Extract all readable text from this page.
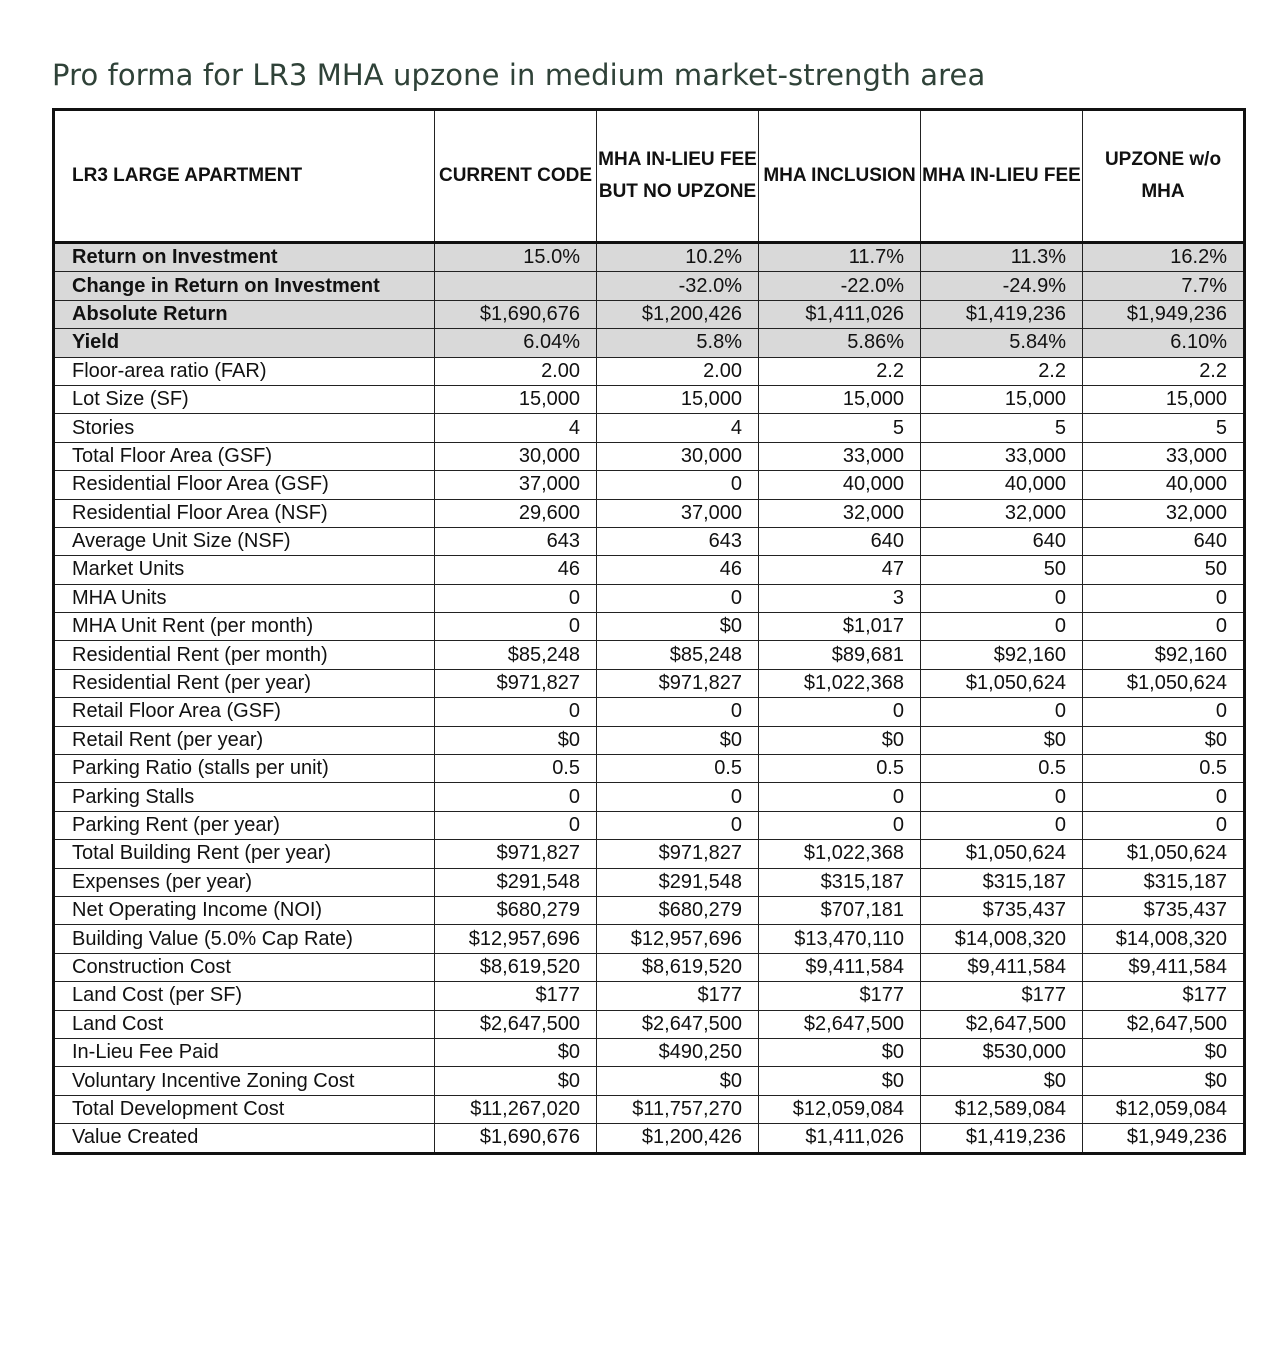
Pro forma for LR3 MHA upzone in medium market-strength area
LR3 LARGE APARTMENT	CURRENT CODE	MHA IN-LIEU FEE BUT NO UPZONE	MHA INCLUSION	MHA IN-LIEU FEE	UPZONE w/o MHA
Return on Investment	15.0%	10.2%	11.7%	11.3%	16.2%
Change in Return on Investment		-32.0%	-22.0%	-24.9%	7.7%
Absolute Return	$1,690,676	$1,200,426	$1,411,026	$1,419,236	$1,949,236
Yield	6.04%	5.8%	5.86%	5.84%	6.10%
Floor-area ratio (FAR)	2.00	2.00	2.2	2.2	2.2
Lot Size (SF)	15,000	15,000	15,000	15,000	15,000
Stories	4	4	5	5	5
Total Floor Area (GSF)	30,000	30,000	33,000	33,000	33,000
Residential Floor Area (GSF)	37,000	0	40,000	40,000	40,000
Residential Floor Area (NSF)	29,600	37,000	32,000	32,000	32,000
Average Unit Size (NSF)	643	643	640	640	640
Market Units	46	46	47	50	50
MHA Units	0	0	3	0	0
MHA Unit Rent (per month)	0	$0	$1,017	0	0
Residential Rent (per month)	$85,248	$85,248	$89,681	$92,160	$92,160
Residential Rent (per year)	$971,827	$971,827	$1,022,368	$1,050,624	$1,050,624
Retail Floor Area (GSF)	0	0	0	0	0
Retail Rent (per year)	$0	$0	$0	$0	$0
Parking Ratio (stalls per unit)	0.5	0.5	0.5	0.5	0.5
Parking Stalls	0	0	0	0	0
Parking Rent (per year)	0	0	0	0	0
Total Building Rent (per year)	$971,827	$971,827	$1,022,368	$1,050,624	$1,050,624
Expenses (per year)	$291,548	$291,548	$315,187	$315,187	$315,187
Net Operating Income (NOI)	$680,279	$680,279	$707,181	$735,437	$735,437
Building Value (5.0% Cap Rate)	$12,957,696	$12,957,696	$13,470,110	$14,008,320	$14,008,320
Construction Cost	$8,619,520	$8,619,520	$9,411,584	$9,411,584	$9,411,584
Land Cost (per SF)	$177	$177	$177	$177	$177
Land Cost	$2,647,500	$2,647,500	$2,647,500	$2,647,500	$2,647,500
In-Lieu Fee Paid	$0	$490,250	$0	$530,000	$0
Voluntary Incentive Zoning Cost	$0	$0	$0	$0	$0
Total Development Cost	$11,267,020	$11,757,270	$12,059,084	$12,589,084	$12,059,084
Value Created	$1,690,676	$1,200,426	$1,411,026	$1,419,236	$1,949,236
